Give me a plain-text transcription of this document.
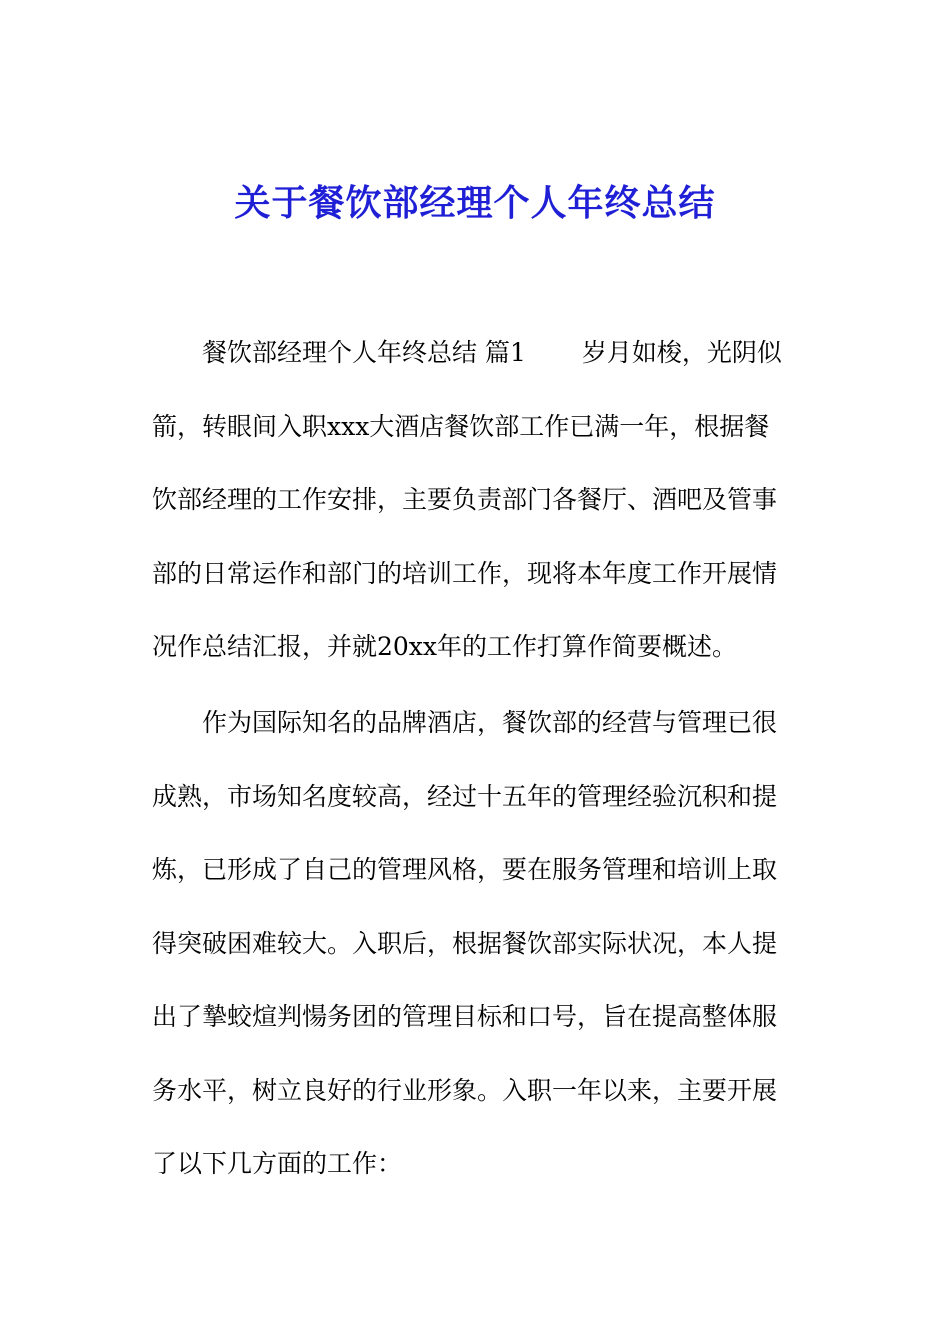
关于餐饮部经理个人年终总结
餐饮部经理个人年终总结 篇1 岁月如梭，光阴似
箭，转眼间入职xxx大酒店餐饮部工作已满一年，根据餐
饮部经理的工作安排，主要负责部门各餐厅、酒吧及管事
部的日常运作和部门的培训工作，现将本年度工作开展情
况作总结汇报，并就20xx年的工作打算作简要概述。
作为国际知名的品牌酒店，餐饮部的经营与管理已很
成熟，市场知名度较高，经过十五年的管理经验沉积和提
炼，已形成了自己的管理风格，要在服务管理和培训上取
得突破困难较大。入职后，根据餐饮部实际状况，本人提
出了摯蛟煊判愓务团的管理目标和口号，旨在提高整体服
务水平，树立良好的行业形象。入职一年以来，主要开展
了以下几方面的工作：
